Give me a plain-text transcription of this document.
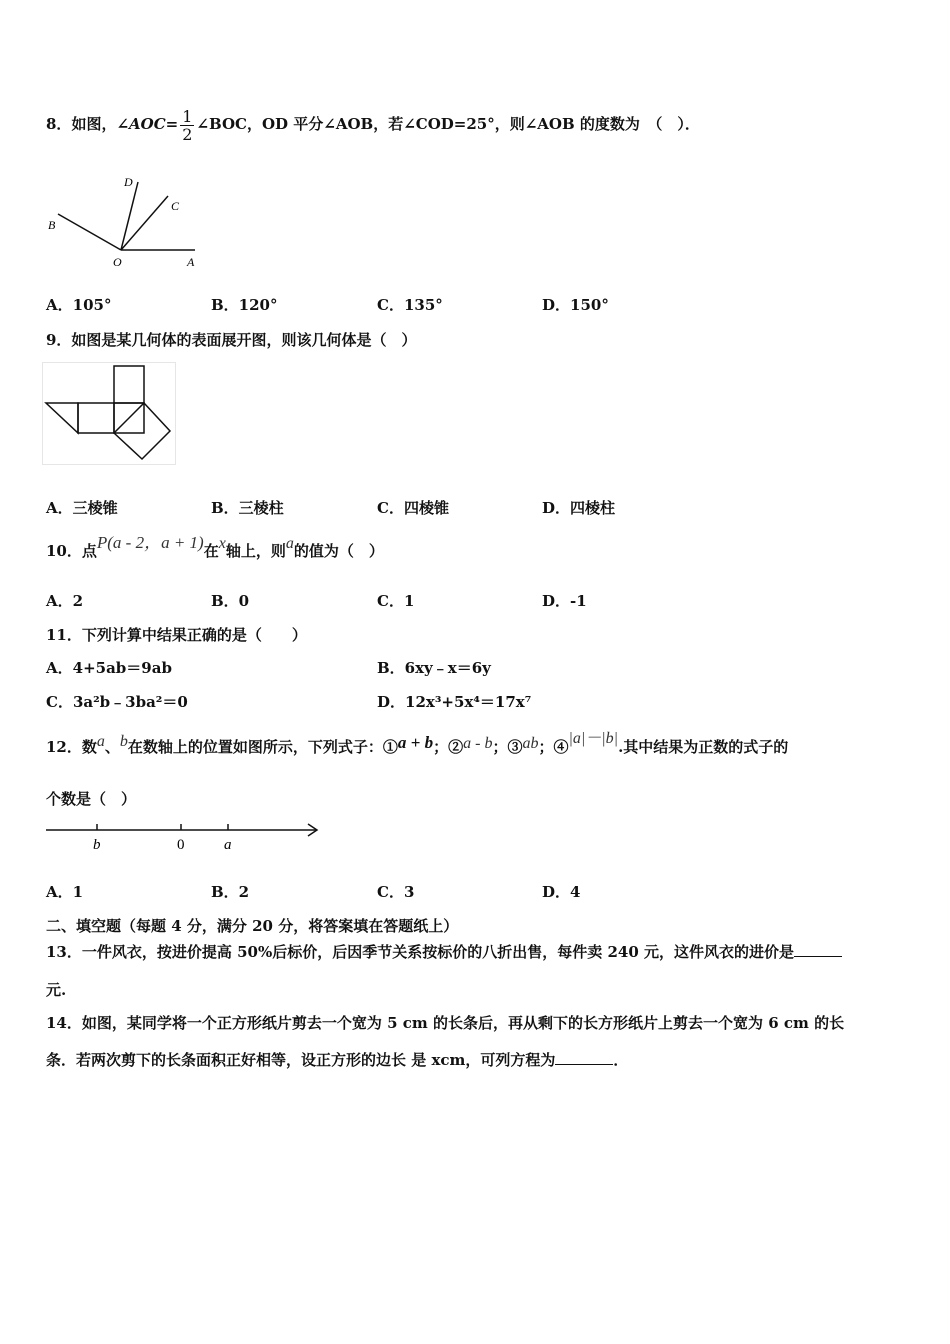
8．如图，∠AOC= $\frac{1}{2}$ ∠BOC，OD 平分∠AOB，若∠COD=25°，则∠AOB 的度数为　（　）．
D
C
B
O	A
A．105°	B．120°	C．135°	D．150°
9．如图是某几何体的表面展开图，则该几何体是（　）
A．三棱锥	B．三棱柱	C．四棱锥	D．四棱柱
10．点P(a - 2，a + 1)在x轴上，则a的值为（　）
A．2	B．0	C．1	D．-1
11．下列计算中结果正确的是（　　）
A．4+5ab＝9ab	B．6xy﹣x＝6y
C．3a²b﹣3ba²＝0	D．12x³+5x⁴＝17x⁷
12．数a、b在数轴上的位置如图所示，下列式子：①a + b；②a - b；③ab；④|a|－|b|.其中结果为正数的式子的
个数是（　）
b	0	a
A．1	B．2	C．3	D．4
二、填空题（每题 4 分，满分 20 分，将答案填在答题纸上）
13．一件风衣，按进价提高 50%后标价，后因季节关系按标价的八折出售，每件卖 240 元，这件风衣的进价是
元.
14．如图，某同学将一个正方形纸片剪去一个宽为 5 cm 的长条后，再从剩下的长方形纸片上剪去一个宽为 6 cm 的长
条．若两次剪下的长条面积正好相等，设正方形的边长 是 xcm，可列方程为	．
